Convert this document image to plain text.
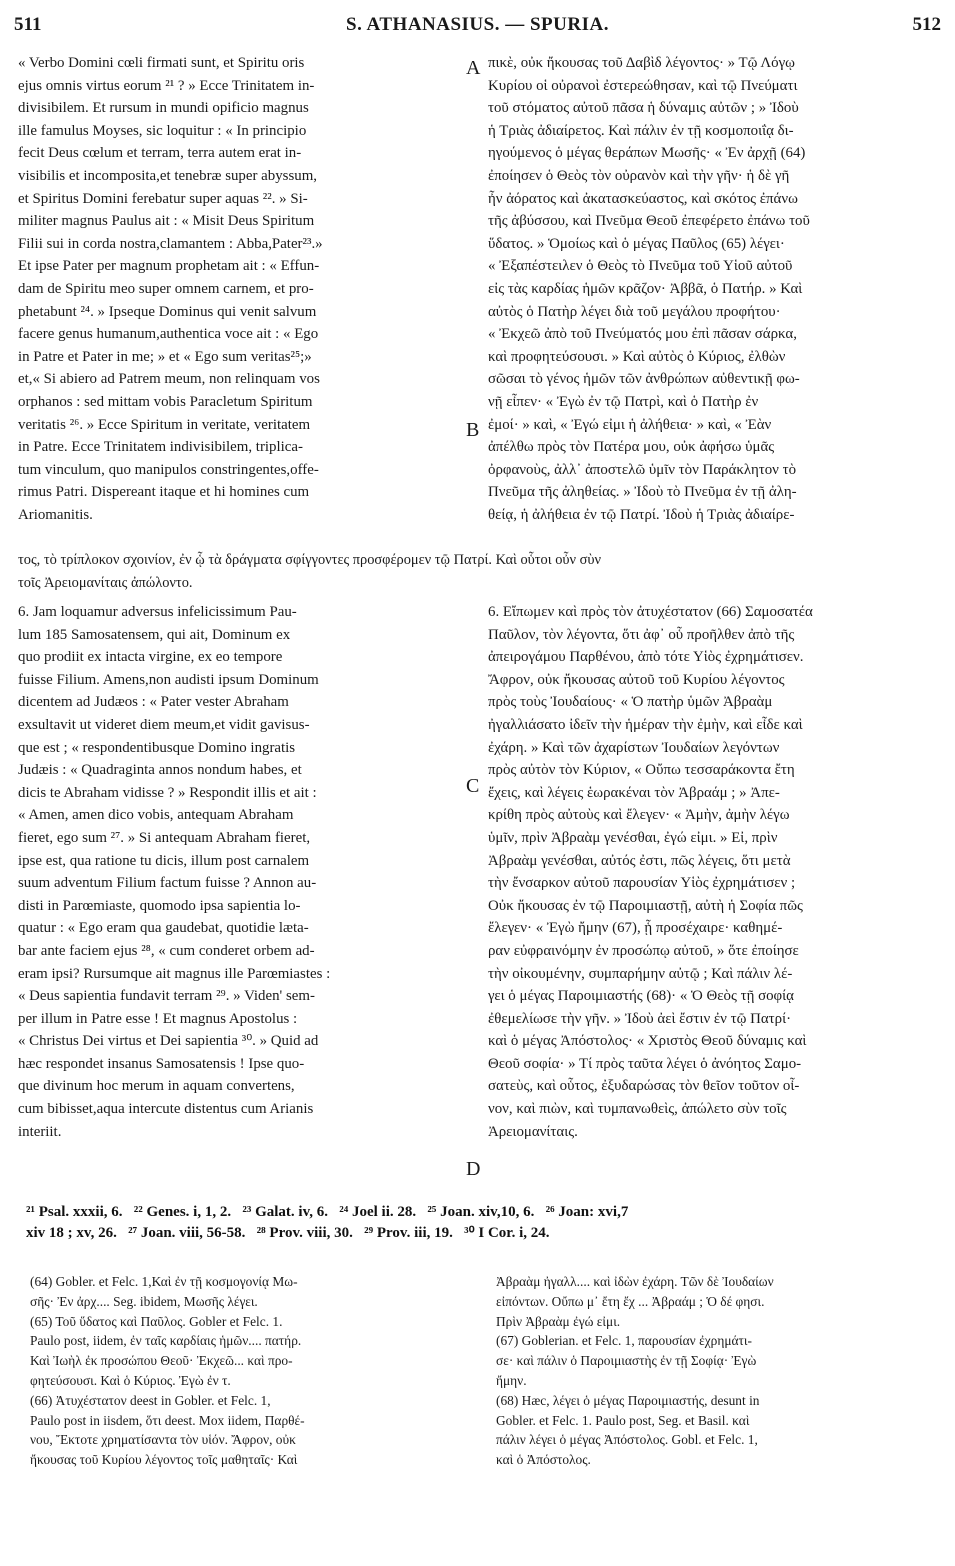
511	S. ATHANASIUS. — SPURIA.	512
« Verbo Domini cœli firmati sunt, et Spiritu oris
ejus omnis virtus eorum ²¹ ? » Ecce Trinitatem in-
divisibilem. Et rursum in mundi opificio magnus
ille famulus Moyses, sic loquitur : « In principio
fecit Deus cœlum et terram, terra autem erat in-
visibilis et incomposita,et tenebræ super abyssum,
et Spiritus Domini ferebatur super aquas ²². » Si-
militer magnus Paulus ait : « Misit Deus Spiritum
Filii sui in corda nostra,clamantem : Abba,Pater²³.»
Et ipse Pater per magnum prophetam ait : « Effun-
dam de Spiritu meo super omnem carnem, et pro-
phetabunt ²⁴. » Ipseque Dominus qui venit salvum
facere genus humanum,authentica voce ait : « Ego
in Patre et Pater in me; » et « Ego sum veritas²⁵;»
et,« Si abiero ad Patrem meum, non relinquam vos
orphanos : sed mittam vobis Paracletum Spiritum
veritatis ²⁶. » Ecce Spiritum in veritate, veritatem
in Patre. Ecce Trinitatem indivisibilem, triplica-
tum vinculum, quo manipulos constringentes,offe-
rimus Patri. Dispereant itaque et hi homines cum
Ariomanitis.
πικὲ, οὐκ ἤκουσας τοῦ Δαβὶδ λέγοντος· » Τῷ Λόγῳ
Κυρίου οἱ οὐρανοὶ ἐστερεώθησαν, καὶ τῷ Πνεύματι
τοῦ στόματος αὐτοῦ πᾶσα ἡ δύναμις αὐτῶν ; » Ἰδοὺ
ἡ Τριὰς ἀδιαίρετος. Καὶ πάλιν ἐν τῇ κοσμοποιΐᾳ δι-
ηγούμενος ὁ μέγας θεράπων Μωσῆς· « Ἐν ἀρχῇ (64)
ἐποίησεν ὁ Θεὸς τὸν οὐρανὸν καὶ τὴν γῆν· ἡ δὲ γῆ
ἦν ἀόρατος καὶ ἀκατασκεύαστος, καὶ σκότος ἐπάνω
τῆς ἀβύσσου, καὶ Πνεῦμα Θεοῦ ἐπεφέρετο ἐπάνω τοῦ
ὕδατος. » Ὁμοίως καὶ ὁ μέγας Παῦλος (65) λέγει·
« Ἐξαπέστειλεν ὁ Θεὸς τὸ Πνεῦμα τοῦ Υἱοῦ αὐτοῦ
εἰς τὰς καρδίας ἡμῶν κρᾶζον· Ἀββᾶ, ὁ Πατήρ. » Καὶ
αὐτὸς ὁ Πατὴρ λέγει διὰ τοῦ μεγάλου προφήτου·
« Ἐκχεῶ ἀπὸ τοῦ Πνεύματός μου ἐπὶ πᾶσαν σάρκα,
καὶ προφητεύσουσι. » Καὶ αὐτὸς ὁ Κύριος, ἐλθὼν
σῶσαι τὸ γένος ἡμῶν τῶν ἀνθρώπων αὐθεντικῇ φω-
νῇ εἶπεν· « Ἐγὼ ἐν τῷ Πατρὶ, καὶ ὁ Πατὴρ ἐν
ἐμοί· » καὶ, « Ἐγώ εἰμι ἡ ἀλήθεια· » καὶ, « Ἐὰν
ἀπέλθω πρὸς τὸν Πατέρα μου, οὐκ ἀφήσω ὑμᾶς
ὀρφανοὺς, ἀλλ᾽ ἀποστελῶ ὑμῖν τὸν Παράκλητον τὸ
Πνεῦμα τῆς ἀληθείας. » Ἰδοὺ τὸ Πνεῦμα ἐν τῇ ἀλη-
θείᾳ, ἡ ἀλήθεια ἐν τῷ Πατρί. Ἰδοὺ ἡ Τριὰς ἀδιαίρε-
A
B
τος, τὸ τρίπλοκον σχοινίον, ἐν ᾧ τὰ δράγματα σφίγγοντες προσφέρομεν τῷ Πατρί. Καὶ οὗτοι οὖν σὺν
τοῖς Ἀρειομανίταις ἀπώλοντο.
6. Jam loquamur adversus infelicissimum Pau-
lum 185 Samosatensem, qui ait, Dominum ex
quo prodiit ex intacta virgine, ex eo tempore
fuisse Filium. Amens,non audisti ipsum Dominum
dicentem ad Judæos : « Pater vester Abraham
exsultavit ut videret diem meum,et vidit gavisus-
que est ; « respondentibusque Domino ingratis
Judæis : « Quadraginta annos nondum habes, et
dicis te Abraham vidisse ? » Respondit illis et ait :
« Amen, amen dico vobis, antequam Abraham
fieret, ego sum ²⁷. » Si antequam Abraham fieret,
ipse est, qua ratione tu dicis, illum post carnalem
suum adventum Filium factum fuisse ? Annon au-
disti in Parœmiaste, quomodo ipsa sapientia lo-
quatur : « Ego eram qua gaudebat, quotidie læta-
bar ante faciem ejus ²⁸, « cum conderet orbem ad-
eram ipsi? Rursumque ait magnus ille Parœmiastes :
« Deus sapientia fundavit terram ²⁹. » Viden' sem-
per illum in Patre esse ! Et magnus Apostolus :
« Christus Dei virtus et Dei sapientia ³⁰. » Quid ad
hæc respondet insanus Samosatensis ! Ipse quo-
que divinum hoc merum in aquam convertens,
cum bibisset,aqua intercute distentus cum Arianis
interiit.
6. Εἴπωμεν καὶ πρὸς τὸν ἀτυχέστατον (66) Σαμοσατέα
Παῦλον, τὸν λέγοντα, ὅτι ἀφ᾽ οὗ προῆλθεν ἀπὸ τῆς
ἀπειρογάμου Παρθένου, ἀπὸ τότε Υἱὸς ἐχρημάτισεν.
Ἄφρον, οὐκ ἤκουσας αὐτοῦ τοῦ Κυρίου λέγοντος
πρὸς τοὺς Ἰουδαίους· « Ὁ πατὴρ ὑμῶν Ἀβραὰμ
ἠγαλλιάσατο ἰδεῖν τὴν ἡμέραν τὴν ἐμὴν, καὶ εἶδε καὶ
ἐχάρη. » Καὶ τῶν ἀχαρίστων Ἰουδαίων λεγόντων
πρὸς αὐτὸν τὸν Κύριον, « Οὔπω τεσσαράκοντα ἔτη
ἔχεις, καὶ λέγεις ἑωρακέναι τὸν Ἀβραάμ ; » Ἀπε-
κρίθη πρὸς αὐτοὺς καὶ ἔλεγεν· « Ἀμὴν, ἀμὴν λέγω
ὑμῖν, πρὶν Ἀβραὰμ γενέσθαι, ἐγώ εἰμι. » Εἰ, πρὶν
Ἀβραὰμ γενέσθαι, αὐτός ἐστι, πῶς λέγεις, ὅτι μετὰ
τὴν ἔνσαρκον αὐτοῦ παρουσίαν Υἱὸς ἐχρημάτισεν ;
Οὐκ ἤκουσας ἐν τῷ Παροιμιαστῇ, αὐτὴ ἡ Σοφία πῶς
ἔλεγεν· « Ἐγὼ ἤμην (67), ᾗ προσέχαιρε· καθημέ-
ραν εὐφραινόμην ἐν προσώπῳ αὐτοῦ, » ὅτε ἐποίησε
τὴν οἰκουμένην, συμπαρήμην αὐτῷ ; Καὶ πάλιν λέ-
γει ὁ μέγας Παροιμιαστής (68)· « Ὁ Θεὸς τῇ σοφίᾳ
ἐθεμελίωσε τὴν γῆν. » Ἰδοὺ ἀεὶ ἔστιν ἐν τῷ Πατρί·
καὶ ὁ μέγας Ἀπόστολος· « Χριστὸς Θεοῦ δύναμις καὶ
Θεοῦ σοφία· » Τί πρὸς ταῦτα λέγει ὁ ἀνόητος Σαμο-
σατεὺς, καὶ οὗτος, ἐξυδαρώσας τὸν θεῖον τοῦτον οἶ-
νον, καὶ πιὼν, καὶ τυμπανωθεὶς, ἀπώλετο σὺν τοῖς
Ἀρειομανίταις.
C
D
²¹ Psal. xxxii, 6.   ²² Genes. i, 1, 2.   ²³ Galat. iv, 6.   ²⁴ Joel ii. 28.   ²⁵ Joan. xiv,10, 6.   ²⁶ Joan: xvi,7
xiv 18 ; xv, 26.   ²⁷ Joan. viii, 56-58.   ²⁸ Prov. viii, 30.   ²⁹ Prov. iii, 19.   ³⁰ I Cor. i, 24.
(64) Gobler. et Felc. 1,Καὶ ἐν τῇ κοσμογονίᾳ Μω-
σῆς· Ἐν ἀρχ.... Seg. ibidem, Μωσῆς λέγει.
(65) Τοῦ ὕδατος καὶ Παῦλος. Gobler et Felc. 1.
Paulo post, iidem, ἐν ταῖς καρδίαις ἡμῶν.... πατήρ.
Καὶ Ἰωὴλ ἐκ προσώπου Θεοῦ· Ἐκχεῶ... καὶ προ-
φητεύσουσι. Καὶ ὁ Κύριος. Ἐγὼ ἐν τ.
(66) Ἀτυχέστατον deest in Gobler. et Felc. 1,
Paulo post in iisdem, ὅτι deest. Mox iidem, Παρθέ-
νου, Ἔκτοτε χρηματίσαντα τὸν υἱόν. Ἄφρον, οὐκ
ἤκουσας τοῦ Κυρίου λέγοντος τοῖς μαθηταῖς· Καὶ
Ἀβραὰμ ἠγαλλ.... καὶ ἰδὼν ἐχάρη. Τῶν δὲ Ἰουδαίων
εἰπόντων. Οὔπω μ᾽ ἔτη ἔχ ... Ἀβραάμ ; Ὁ δέ φησι.
Πρὶν Ἀβραὰμ ἐγώ εἰμι.
(67) Goblerian. et Felc. 1, παρουσίαν ἐχρημάτι-
σε· καὶ πάλιν ὁ Παροιμιαστὴς ἐν τῇ Σοφίᾳ· Ἐγὼ
ἤμην.
(68) Hæc, λέγει ὁ μέγας Παροιμιαστής, desunt in
Gobler. et Felc. 1. Paulo post, Seg. et Basil. καὶ
πάλιν λέγει ὁ μέγας Ἀπόστολος. Gobl. et Felc. 1,
καὶ ὁ Ἀπόστολος.
